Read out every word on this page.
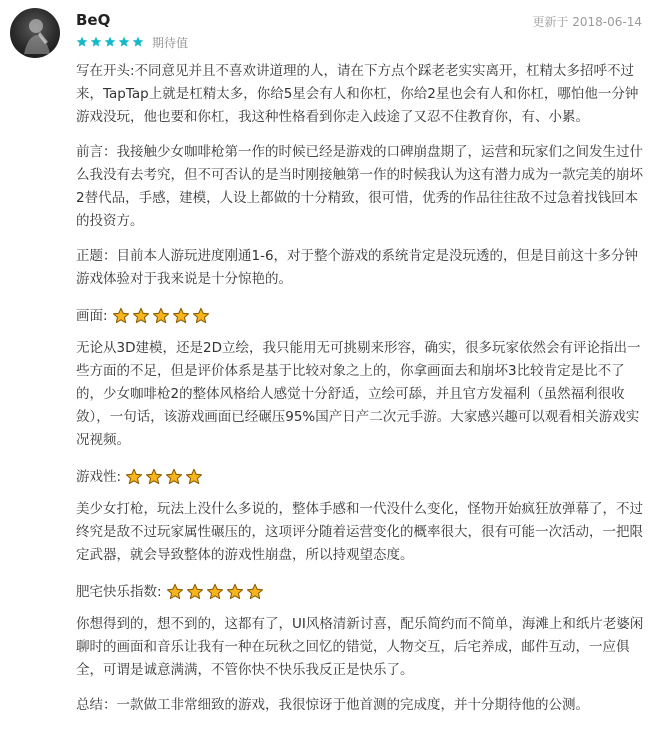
BeQ	更新于 2018-06-14
期待值

写在开头:不同意见并且不喜欢讲道理的人，请在下方点个踩老老实实离开，杠精太多招呼不过来，TapTap上就是杠精太多，你给5星会有人和你杠，你给2星也会有人和你杠，哪怕他一分钟游戏没玩，他也要和你杠，我这种性格看到你走入歧途了又忍不住教育你，有、小累。

前言：我接触少女咖啡枪第一作的时候已经是游戏的口碑崩盘期了，运营和玩家们之间发生过什么我没有去考究，但不可否认的是当时刚接触第一作的时候我认为这有潜力成为一款完美的崩坏2替代品，手感，建模，人设上都做的十分精致，很可惜，优秀的作品往往敌不过急着找钱回本的投资方。

正题：目前本人游玩进度刚通1-6，对于整个游戏的系统肯定是没玩透的，但是目前这十多分钟游戏体验对于我来说是十分惊艳的。

画面:

无论从3D建模，还是2D立绘，我只能用无可挑剔来形容，确实，很多玩家依然会有评论指出一些方面的不足，但是评价体系是基于比较对象之上的，你拿画面去和崩坏3比较肯定是比不了的，少女咖啡枪2的整体风格给人感觉十分舒适，立绘可舔，并且官方发福利（虽然福利很收敛），一句话，该游戏画面已经碾压95%国产日产二次元手游。大家感兴趣可以观看相关游戏实况视频。

游戏性:

美少女打枪，玩法上没什么多说的，整体手感和一代没什么变化，怪物开始疯狂放弹幕了，不过终究是敌不过玩家属性碾压的，这项评分随着运营变化的概率很大，很有可能一次活动，一把限定武器，就会导致整体的游戏性崩盘，所以持观望态度。

肥宅快乐指数:

你想得到的，想不到的，这都有了，UI风格清新讨喜，配乐简约而不简单，海滩上和纸片老婆闲聊时的画面和音乐让我有一种在玩秋之回忆的错觉，人物交互，后宅养成，邮件互动，一应俱全，可谓是诚意满满，不管你快不快乐我反正是快乐了。

总结：一款做工非常细致的游戏，我很惊讶于他首测的完成度，并十分期待他的公测。
